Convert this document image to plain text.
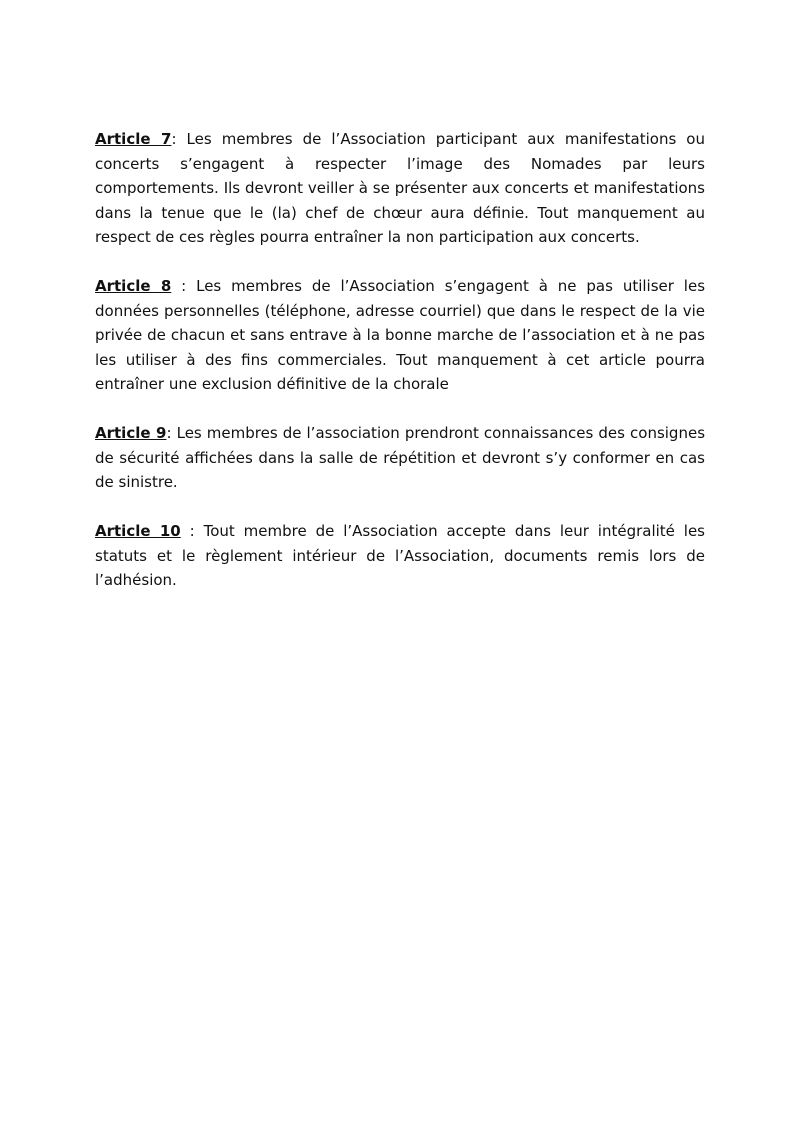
Article 7: Les membres de l’Association participant aux manifestations ou concerts s’engagent à respecter l’image des Nomades par leurs comportements. Ils devront veiller à se présenter aux concerts et manifestations dans la tenue que le (la) chef de chœur aura définie. Tout manquement au respect de ces règles pourra entraîner la non participation aux concerts.

Article 8 : Les membres de l’Association s’engagent à ne pas utiliser les données personnelles (téléphone, adresse courriel) que dans le respect de la vie privée de chacun et sans entrave à la bonne marche de l’association et à ne pas les utiliser à des fins commerciales. Tout manquement à cet article pourra entraîner une exclusion définitive de la chorale

Article 9: Les membres de l’association prendront connaissances des consignes de sécurité affichées dans la salle de répétition et devront s’y conformer en cas de sinistre.

Article 10 : Tout membre de l’Association accepte dans leur intégralité les statuts et le règlement intérieur de l’Association, documents remis lors de l’adhésion.
